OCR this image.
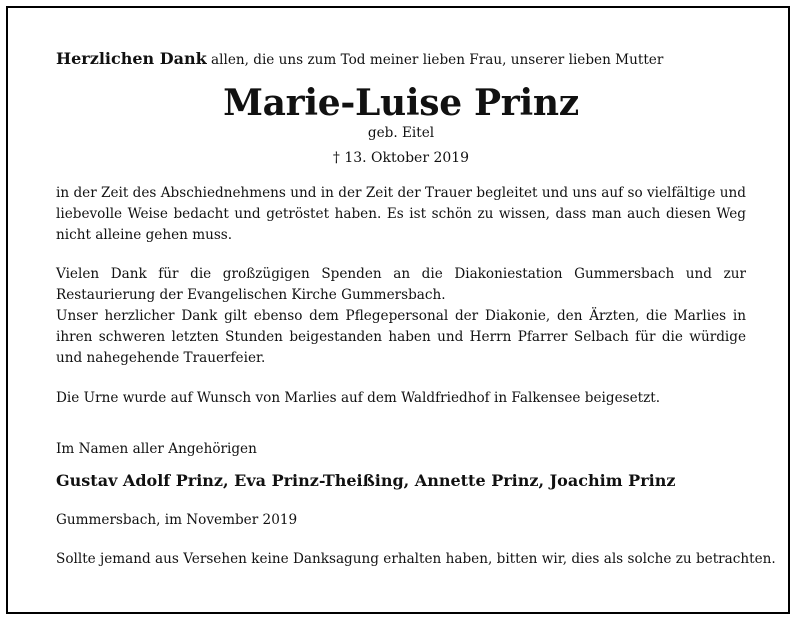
Herzlichen Dank allen, die uns zum Tod meiner lieben Frau, unserer lieben Mutter

Marie-Luise Prinz
geb. Eitel
† 13. Oktober 2019

in der Zeit des Abschiednehmens und in der Zeit der Trauer begleitet und uns auf so vielfältige und liebevolle Weise bedacht und getröstet haben. Es ist schön zu wissen, dass man auch diesen Weg nicht alleine gehen muss.

Vielen Dank für die großzügigen Spenden an die Diakoniestation Gummersbach und zur Restaurierung der Evangelischen Kirche Gummersbach.

Unser herzlicher Dank gilt ebenso dem Pflegepersonal der Diakonie, den Ärzten, die Marlies in ihren schweren letzten Stunden beigestanden haben und Herrn Pfarrer Selbach für die würdige und nahegehende Trauerfeier.

Die Urne wurde auf Wunsch von Marlies auf dem Waldfriedhof in Falkensee beigesetzt.

Im Namen aller Angehörigen

Gustav Adolf Prinz, Eva Prinz-Theißing, Annette Prinz, Joachim Prinz

Gummersbach, im November 2019

Sollte jemand aus Versehen keine Danksagung erhalten haben, bitten wir, dies als solche zu betrachten.
